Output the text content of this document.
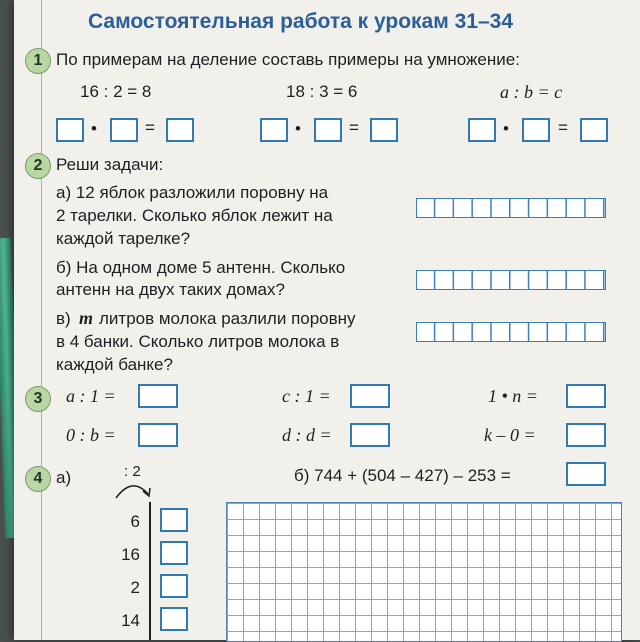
Самостоятельная работа к урокам 31–34
1 По примерам на деление составь примеры на умножение:
16 : 2 = 8	18 : 3 = 6	a : b = c
•	=	•	=	•	=
2 Реши задачи:
а) 12 яблок разложили поровну на
2 тарелки. Сколько яблок лежит на
каждой тарелке?
б) На одном доме 5 антенн. Сколько
антенн на двух таких домах?
в) m литров молока разлили поровну
в 4 банки. Сколько литров молока в
каждой банке?
3	a : 1 =	c : 1 =	1 • n =
0 : b =	d : d =	k – 0 =
4 а)	: 2
6
16
2
14
б) 744 + (504 – 427) – 253 =
